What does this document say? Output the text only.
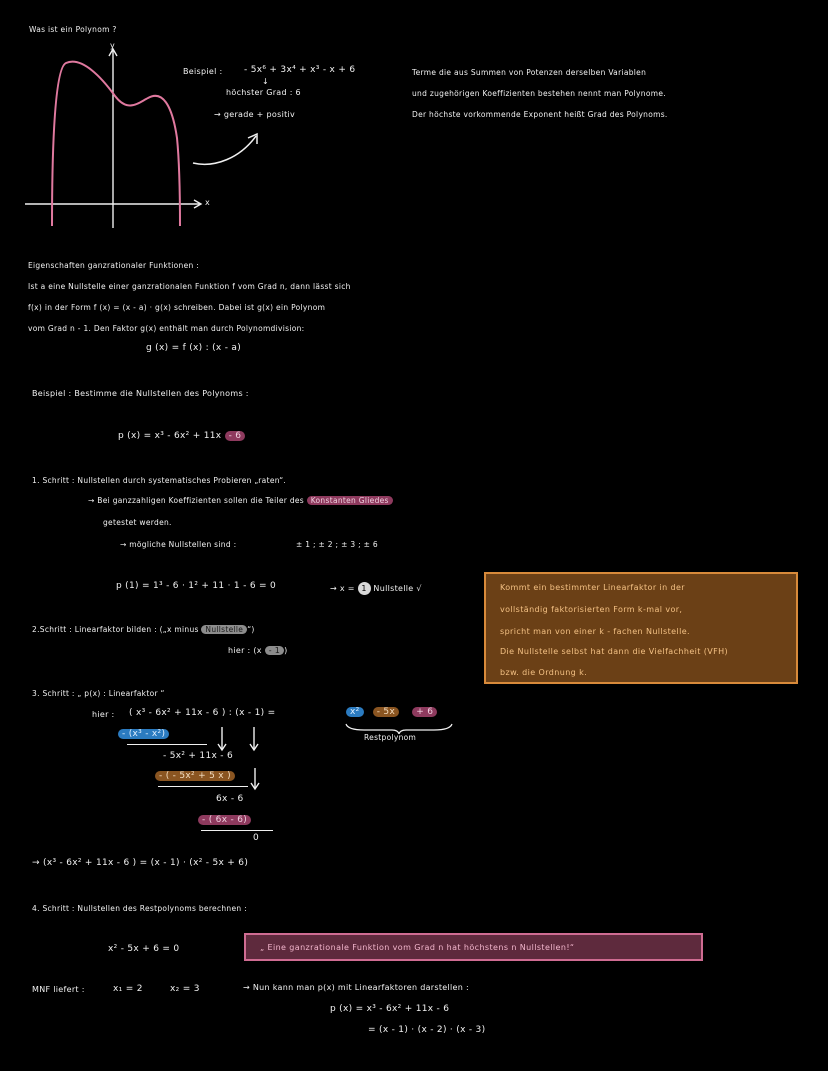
Was ist ein Polynom ?
y
x
Beispiel : - 5x⁶ + 3x⁴ + x³ - x + 6
↓
höchster Grad : 6
→ gerade + positiv
Terme die aus Summen von Potenzen derselben Variablen
und zugehörigen Koeffizienten bestehen nennt man Polynome.
Der höchste vorkommende Exponent heißt Grad des Polynoms.
Eigenschaften ganzrationaler Funktionen :
Ist a eine Nullstelle einer ganzrationalen Funktion f vom Grad n, dann lässt sich
f(x) in der Form f (x) = (x - a) · g(x) schreiben. Dabei ist g(x) ein Polynom
vom Grad n - 1. Den Faktor g(x) enthält man durch Polynomdivision:
g (x) = f (x) : (x - a)
Beispiel : Bestimme die Nullstellen des Polynoms :
p (x) = x³ - 6x² + 11x - 6
1. Schritt : Nullstellen durch systematisches Probieren „raten“.
→ Bei ganzzahligen Koeffizienten sollen die Teiler des Konstanten Gliedes
getestet werden.
→ mögliche Nullstellen sind :	± 1 ; ± 2 ; ± 3 ; ± 6
p (1) = 1³ - 6 · 1² + 11 · 1 - 6 = 0	→ x = 1 Nullstelle √	Kommt ein bestimmter Linearfaktor in der
vollständig faktorisierten Form k-mal vor,
spricht man von einer k - fachen Nullstelle.
Die Nullstelle selbst hat dann die Vielfachheit (VFH)
bzw. die Ordnung k.
2.Schritt : Linearfaktor bilden : („x minus Nullstelle “)
hier : (x - 1 )
3. Schritt : „ p(x) : Linearfaktor “
hier : ( x³ - 6x² + 11x - 6 ) : (x - 1) =	x² - 5x + 6
Restpolynom
- (x³ - x²)
- 5x² + 11x - 6
- ( - 5x² + 5 x )
6x - 6
- ( 6x - 6)
0
→ (x³ - 6x² + 11x - 6 ) = (x - 1) · (x² - 5x + 6)
4. Schritt : Nullstellen des Restpolynoms berechnen :
x² - 5x + 6 = 0	„ Eine ganzrationale Funktion vom Grad n hat höchstens n Nullstellen!“
MNF liefert :	x₁ = 2	x₂ = 3	→ Nun kann man p(x) mit Linearfaktoren darstellen :
p (x) = x³ - 6x² + 11x - 6
= (x - 1) · (x - 2) · (x - 3)
